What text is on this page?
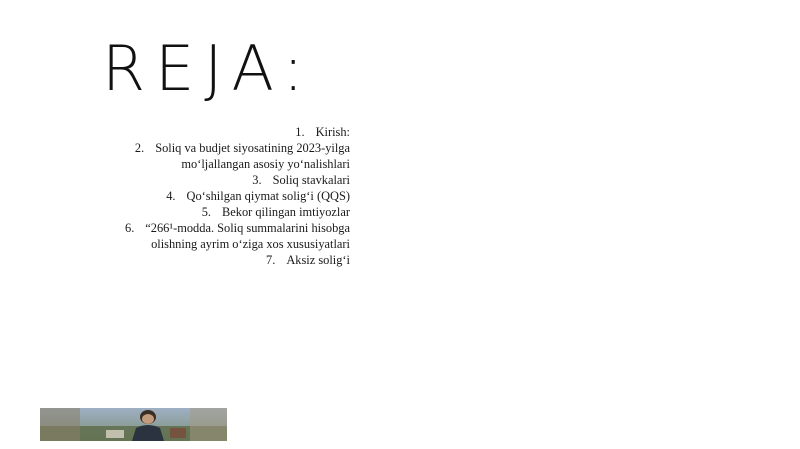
REJA:
1. Kirish:
2. Soliq va budjet siyosatining 2023-yilga mo‘ljallangan asosiy yo‘nalishlari
3. Soliq stavkalari
4. Qo‘shilgan qiymat solig‘i (QQS)
5. Bekor qilingan imtiyozlar
6. “266¹-modda. Soliq summalarini hisobga olishning ayrim o‘ziga xos xususiyatlari
7. Aksiz solig‘i
